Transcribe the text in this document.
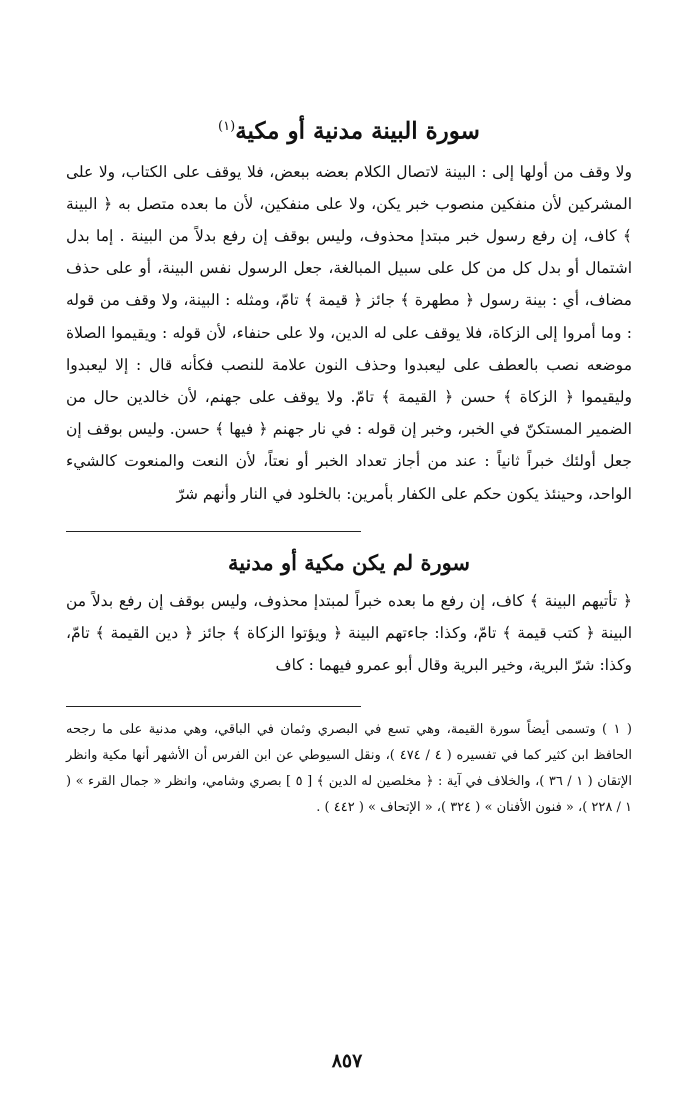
سورة البينة مدنية أو مكية$^{(١)}$

ولا وقف من أولها إلى : البينة لاتصال الكلام بعضه ببعض، فلا يوقف على الكتاب، ولا على المشركين لأن منفكين منصوب خبر يكن، ولا على منفكين، لأن ما بعده متصل به ﴿ البينة ﴾ كاف، إن رفع رسول خبر مبتدإ محذوف، وليس بوقف إن رفع بدلاً من البينة . إما بدل اشتمال أو بدل كل من كل على سبيل المبالغة، جعل الرسول نفس البينة، أو على حذف مضاف، أي : بينة رسول ﴿ مطهرة ﴾ جائز ﴿ قيمة ﴾ تامّ، ومثله : البينة، ولا وقف من قوله : وما أمروا إلى الزكاة، فلا يوقف على له الدين، ولا على حنفاء، لأن قوله : ويقيموا الصلاة موضعه نصب بالعطف على ليعبدوا وحذف النون علامة للنصب فكأنه قال : إلا ليعبدوا وليقيموا ﴿ الزكاة ﴾ حسن ﴿ القيمة ﴾ تامّ. ولا يوقف على جهنم، لأن خالدين حال من الضمير المستكنّ في الخبر، وخبر إن قوله : في نار جهنم ﴿ فيها ﴾ حسن. وليس بوقف إن جعل أولئك خبراً ثانياً : عند من أجاز تعداد الخبر أو نعتاً، لأن النعت والمنعوت كالشيء الواحد، وحينئذ يكون حكم على الكفار بأمرين: بالخلود في النار وأنهم شرّ

سورة لم يكن مكية أو مدنية

﴿ تأتيهم البينة ﴾ كاف، إن رفع ما بعده خبراً لمبتدإ محذوف، وليس بوقف إن رفع بدلاً من البينة ﴿ كتب قيمة ﴾ تامّ، وكذا: جاءتهم البينة ﴿ ويؤتوا الزكاة ﴾ جائز ﴿ دين القيمة ﴾ تامّ، وكذا: شرّ البرية، وخير البرية وقال أبو عمرو فيهما : كاف

( ١ ) وتسمى أيضاً سورة القيمة، وهي تسع في البصري وثمان في الباقي، وهي مدنية على ما رجحه الحافظ ابن كثير كما في تفسيره ( ٤ / ٤٧٤ )، ونقل السيوطي عن ابن الفرس أن الأشهر أنها مكية وانظر الإتقان ( ١ / ٣٦ )، والخلاف في آية : ﴿ مخلصين له الدين ﴾ [ ٥ ] بصري وشامي، وانظر « جمال القرء » ( ١ / ٢٢٨ )، « فنون الأفنان » ( ٣٢٤ )، « الإتحاف » ( ٤٤٢ ) .

٨٥٧
